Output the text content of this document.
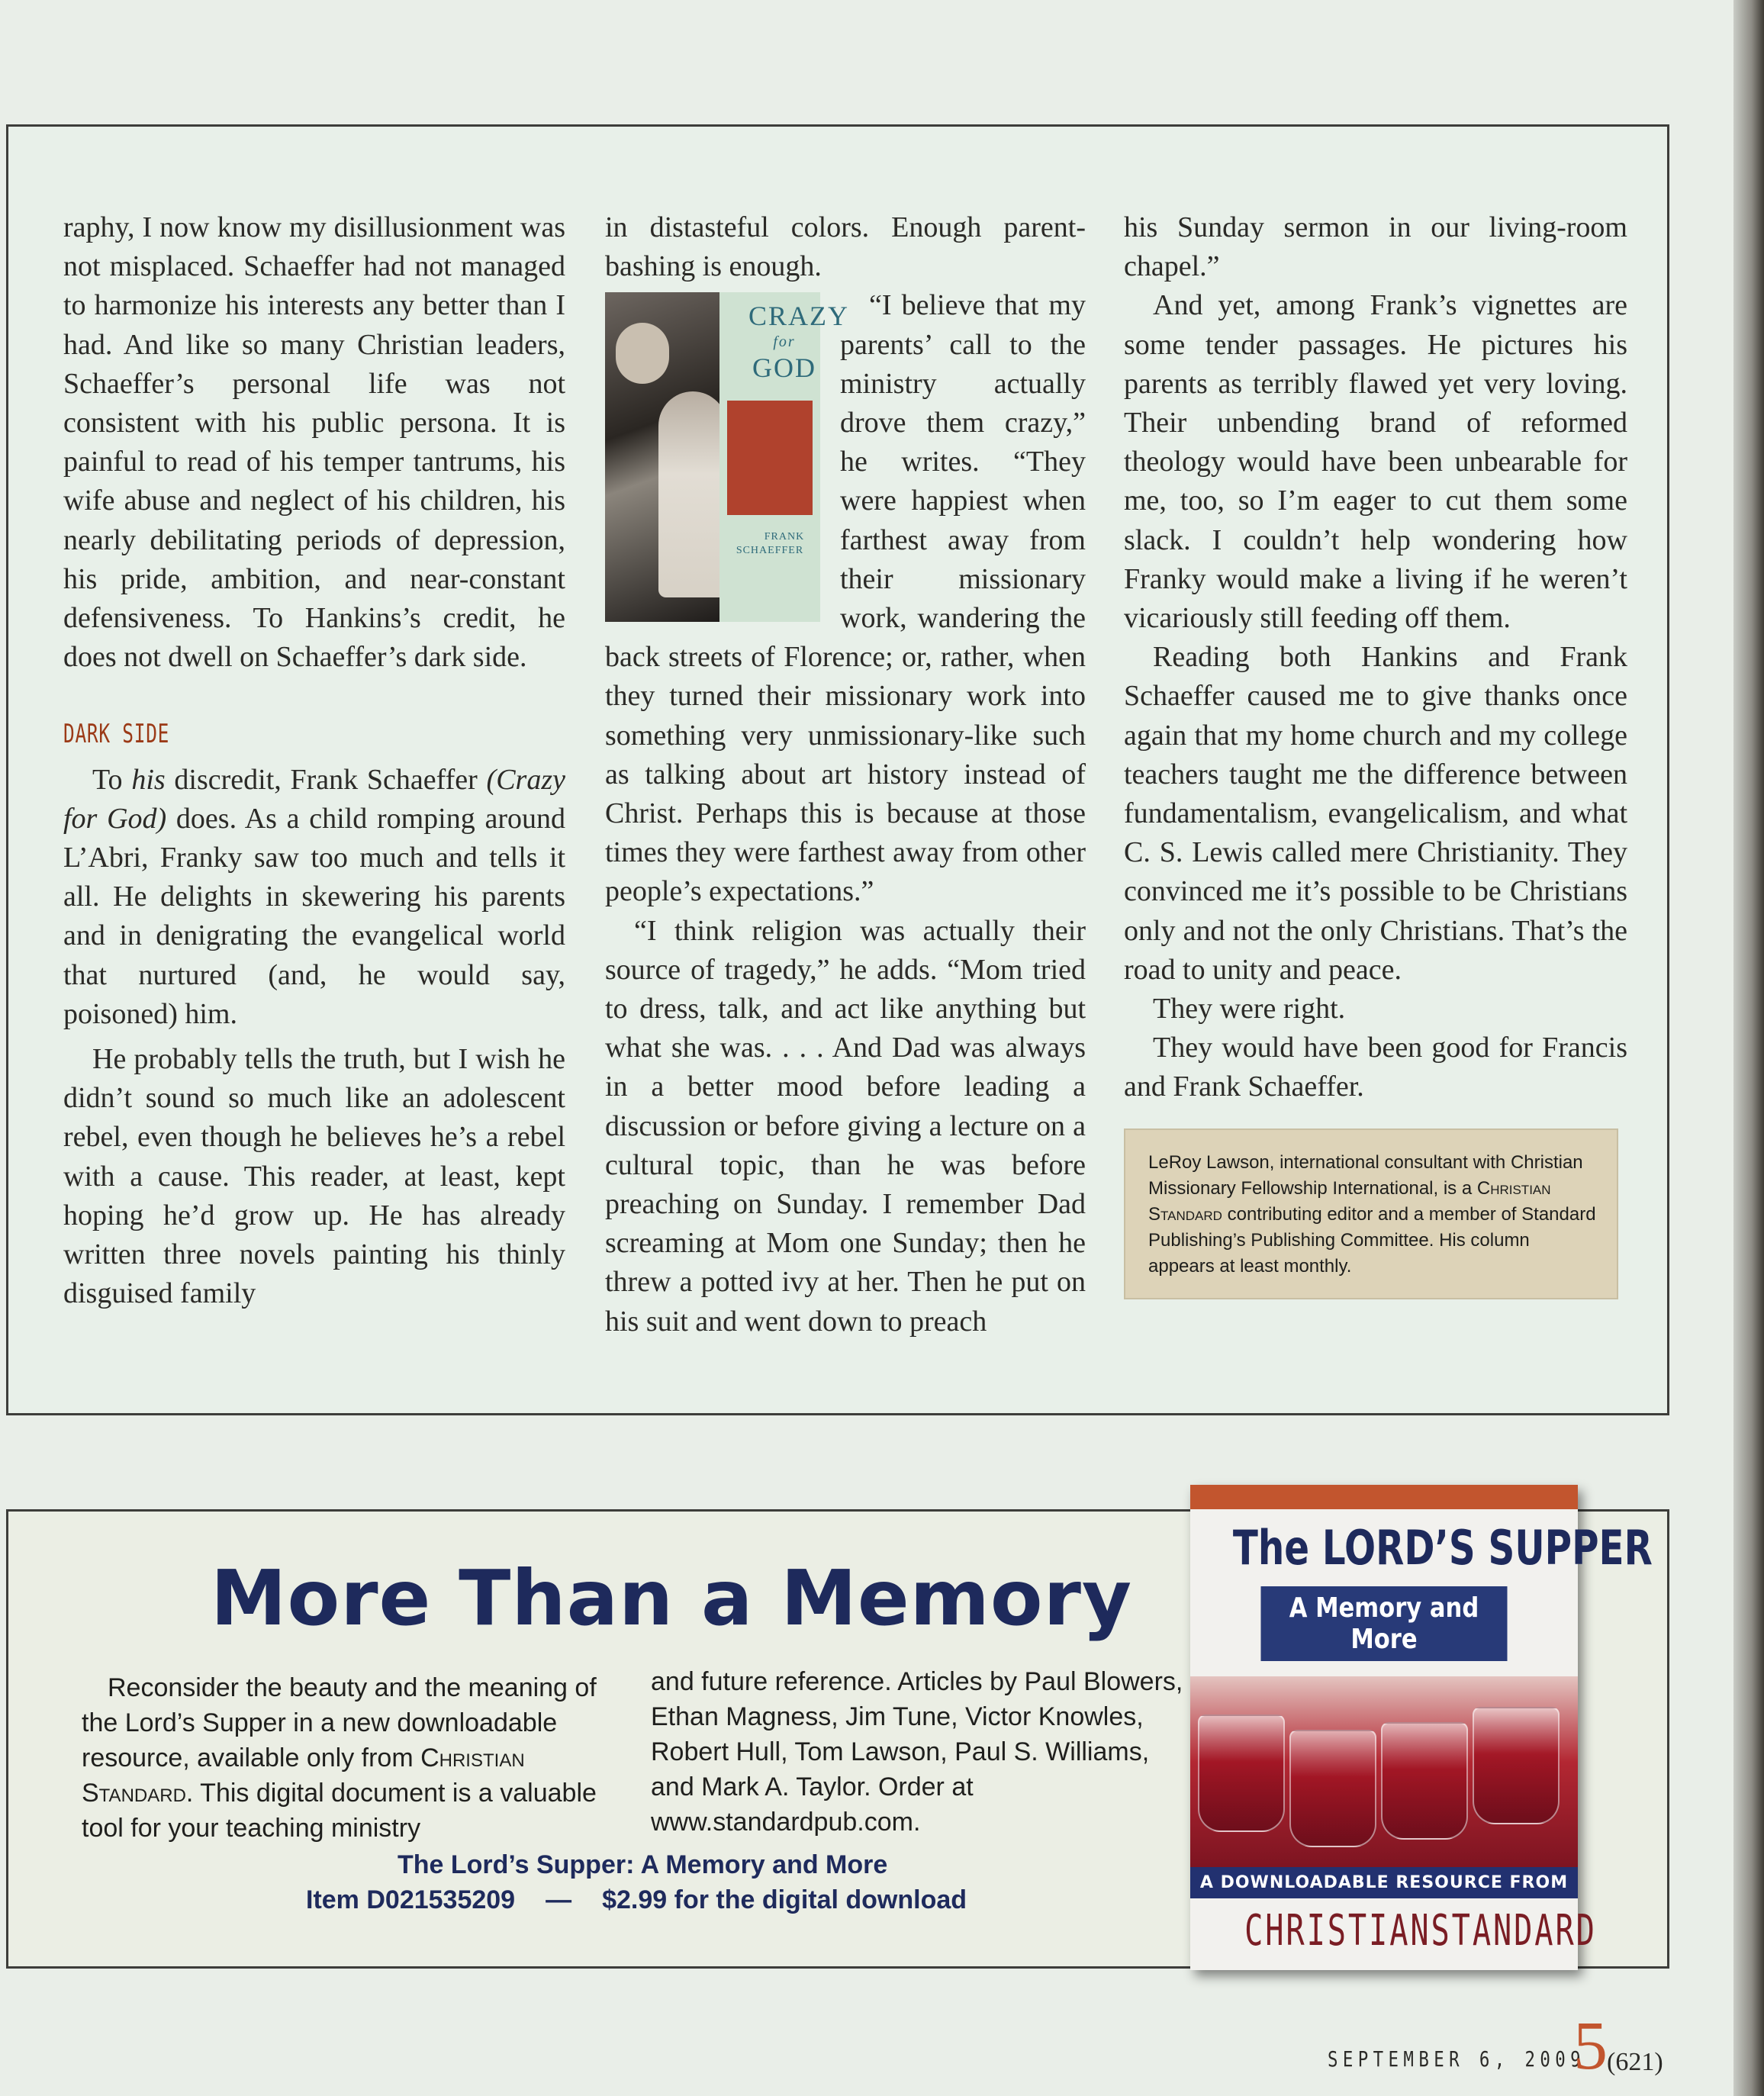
raphy, I now know my disillusionment was not misplaced. Schaeffer had not managed to harmonize his interests any better than I had. And like so many Christian leaders, Schaeffer’s personal life was not consistent with his public persona. It is painful to read of his temper tantrums, his wife abuse and neglect of his children, his nearly debilitating periods of depression, his pride, ambition, and near-constant defensiveness. To Hankins’s credit, he does not dwell on Schaeffer’s dark side.

DARK SIDE

To his discredit, Frank Schaeffer (Crazy for God) does. As a child romping around L’Abri, Franky saw too much and tells it all. He delights in skewering his parents and in denigrating the evangelical world that nurtured (and, he would say, poisoned) him.

He probably tells the truth, but I wish he didn’t sound so much like an adolescent rebel, even though he believes he’s a rebel with a cause. This reader, at least, kept hoping he’d grow up. He has already written three novels painting his thinly disguised family

in distasteful colors. Enough parent-bashing is enough.

CRAZY
for
GOD
FRANK SCHAEFFER
“I believe that my parents’ call to the ministry actually drove them crazy,” he writes. “They were happiest when farthest away from their missionary work, wandering the back streets of Florence; or, rather, when they turned their missionary work into something very unmissionary-like such as talking about art history instead of Christ. Perhaps this is because at those times they were farthest away from other people’s expectations.”

“I think religion was actually their source of tragedy,” he adds. “Mom tried to dress, talk, and act like anything but what she was. . . . And Dad was always in a better mood before leading a discussion or before giving a lecture on a cultural topic, than he was before preaching on Sunday. I remember Dad screaming at Mom one Sunday; then he threw a potted ivy at her. Then he put on his suit and went down to preach

his Sunday sermon in our living-room chapel.”

And yet, among Frank’s vignettes are some tender passages. He pictures his parents as terribly flawed yet very loving. Their unbending brand of reformed theology would have been unbearable for me, too, so I’m eager to cut them some slack. I couldn’t help wondering how Franky would make a living if he weren’t vicariously still feeding off them.

Reading both Hankins and Frank Schaeffer caused me to give thanks once again that my home church and my college teachers taught me the difference between fundamentalism, evangelicalism, and what C. S. Lewis called mere Christianity. They convinced me it’s possible to be Christians only and not the only Christians. That’s the road to unity and peace.

They were right.

They would have been good for Francis and Frank Schaeffer.

LeRoy Lawson, international consultant with Christian Missionary Fellowship International, is a Christian Standard contributing editor and a member of Standard Publishing’s Publishing Committee. His column appears at least monthly.
More Than a Memory
Reconsider the beauty and the meaning of the Lord’s Supper in a new downloadable resource, available only from Christian Standard. This digital document is a valuable tool for your teaching ministry
and future reference. Articles by Paul Blowers, Ethan Magness, Jim Tune, Victor Knowles, Robert Hull, Tom Lawson, Paul S. Williams, and Mark A. Taylor. Order at www.standardpub.com.
The Lord’s Supper: A Memory and More
Item D021535209 — $2.99 for the digital download
The LORD’S SUPPER
A Memory and More
A DOWNLOADABLE RESOURCE FROM
CHRISTIANSTANDARD
SEPTEMBER 6, 2009
5 (621)
